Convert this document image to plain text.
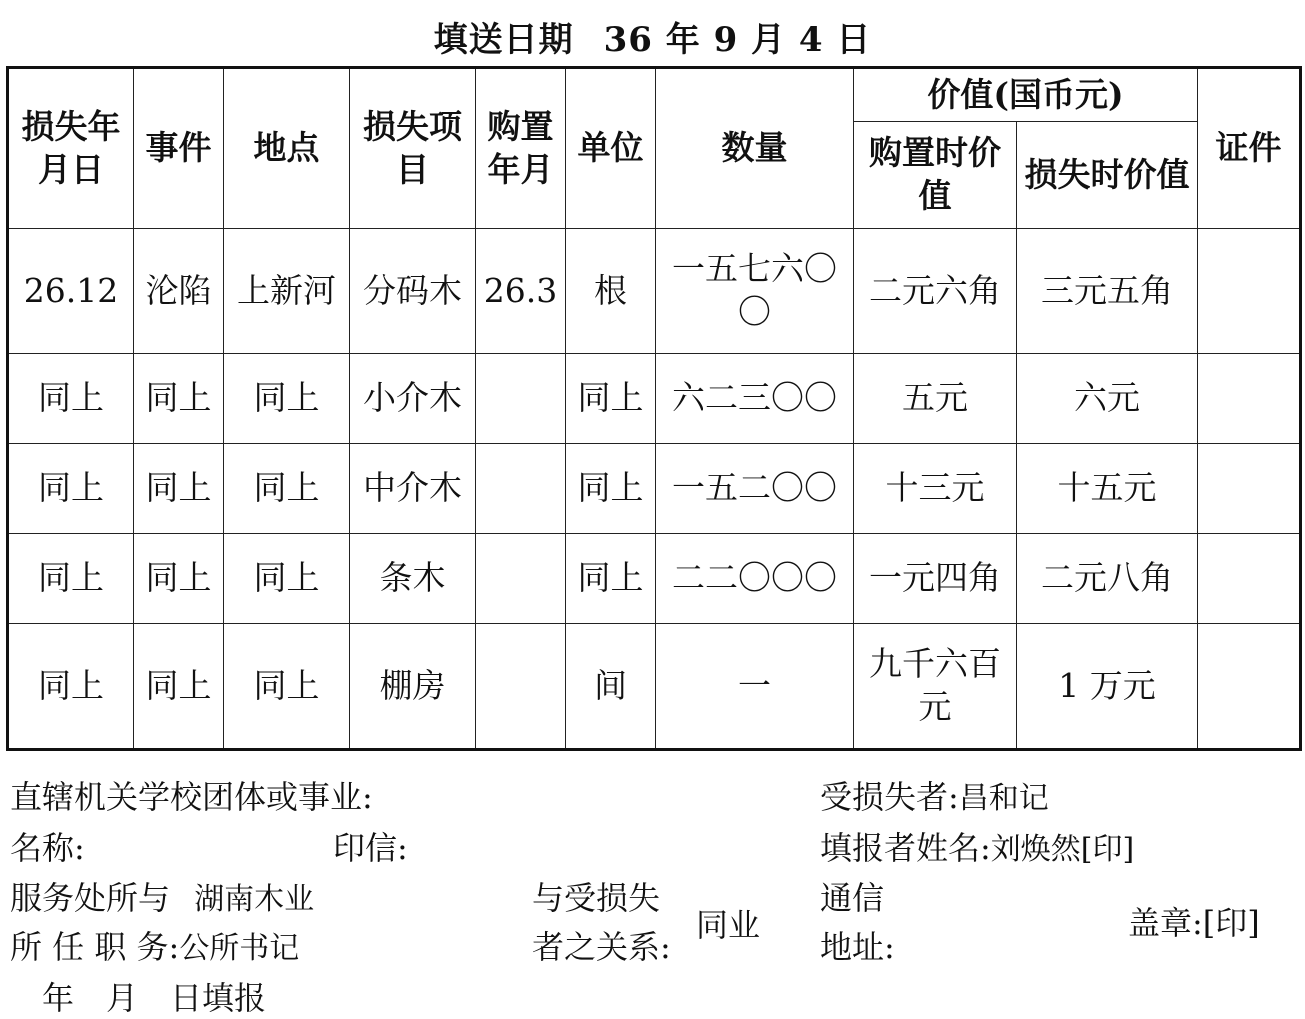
填送日期 36 年 9 月 4 日
损失年月日	事件	地点	损失项目	购置年月	单位	数量	价值(国币元)		证件
							购置时价值	损失时价值	
26.12	沦陷	上新河	分码木	26.3	根	一五七六〇〇	二元六角	三元五角	
同上	同上	同上	小介木		同上	六二三〇〇	五元	六元	
同上	同上	同上	中介木		同上	一五二〇〇	十三元	十五元	
同上	同上	同上	条木		同上	二二〇〇〇	一元四角	二元八角	
同上	同上	同上	棚房		间	一	九千六百元	1 万元	
直辖机关学校团体或事业:
名称:	印信:
服务处所与 湖南木业
所 任 职 务:公所书记
年　月　日填报
与受损失
者之关系:
同业
受损失者:昌和记
填报者姓名:刘焕然[印]
通信
地址:
盖章:[印]
